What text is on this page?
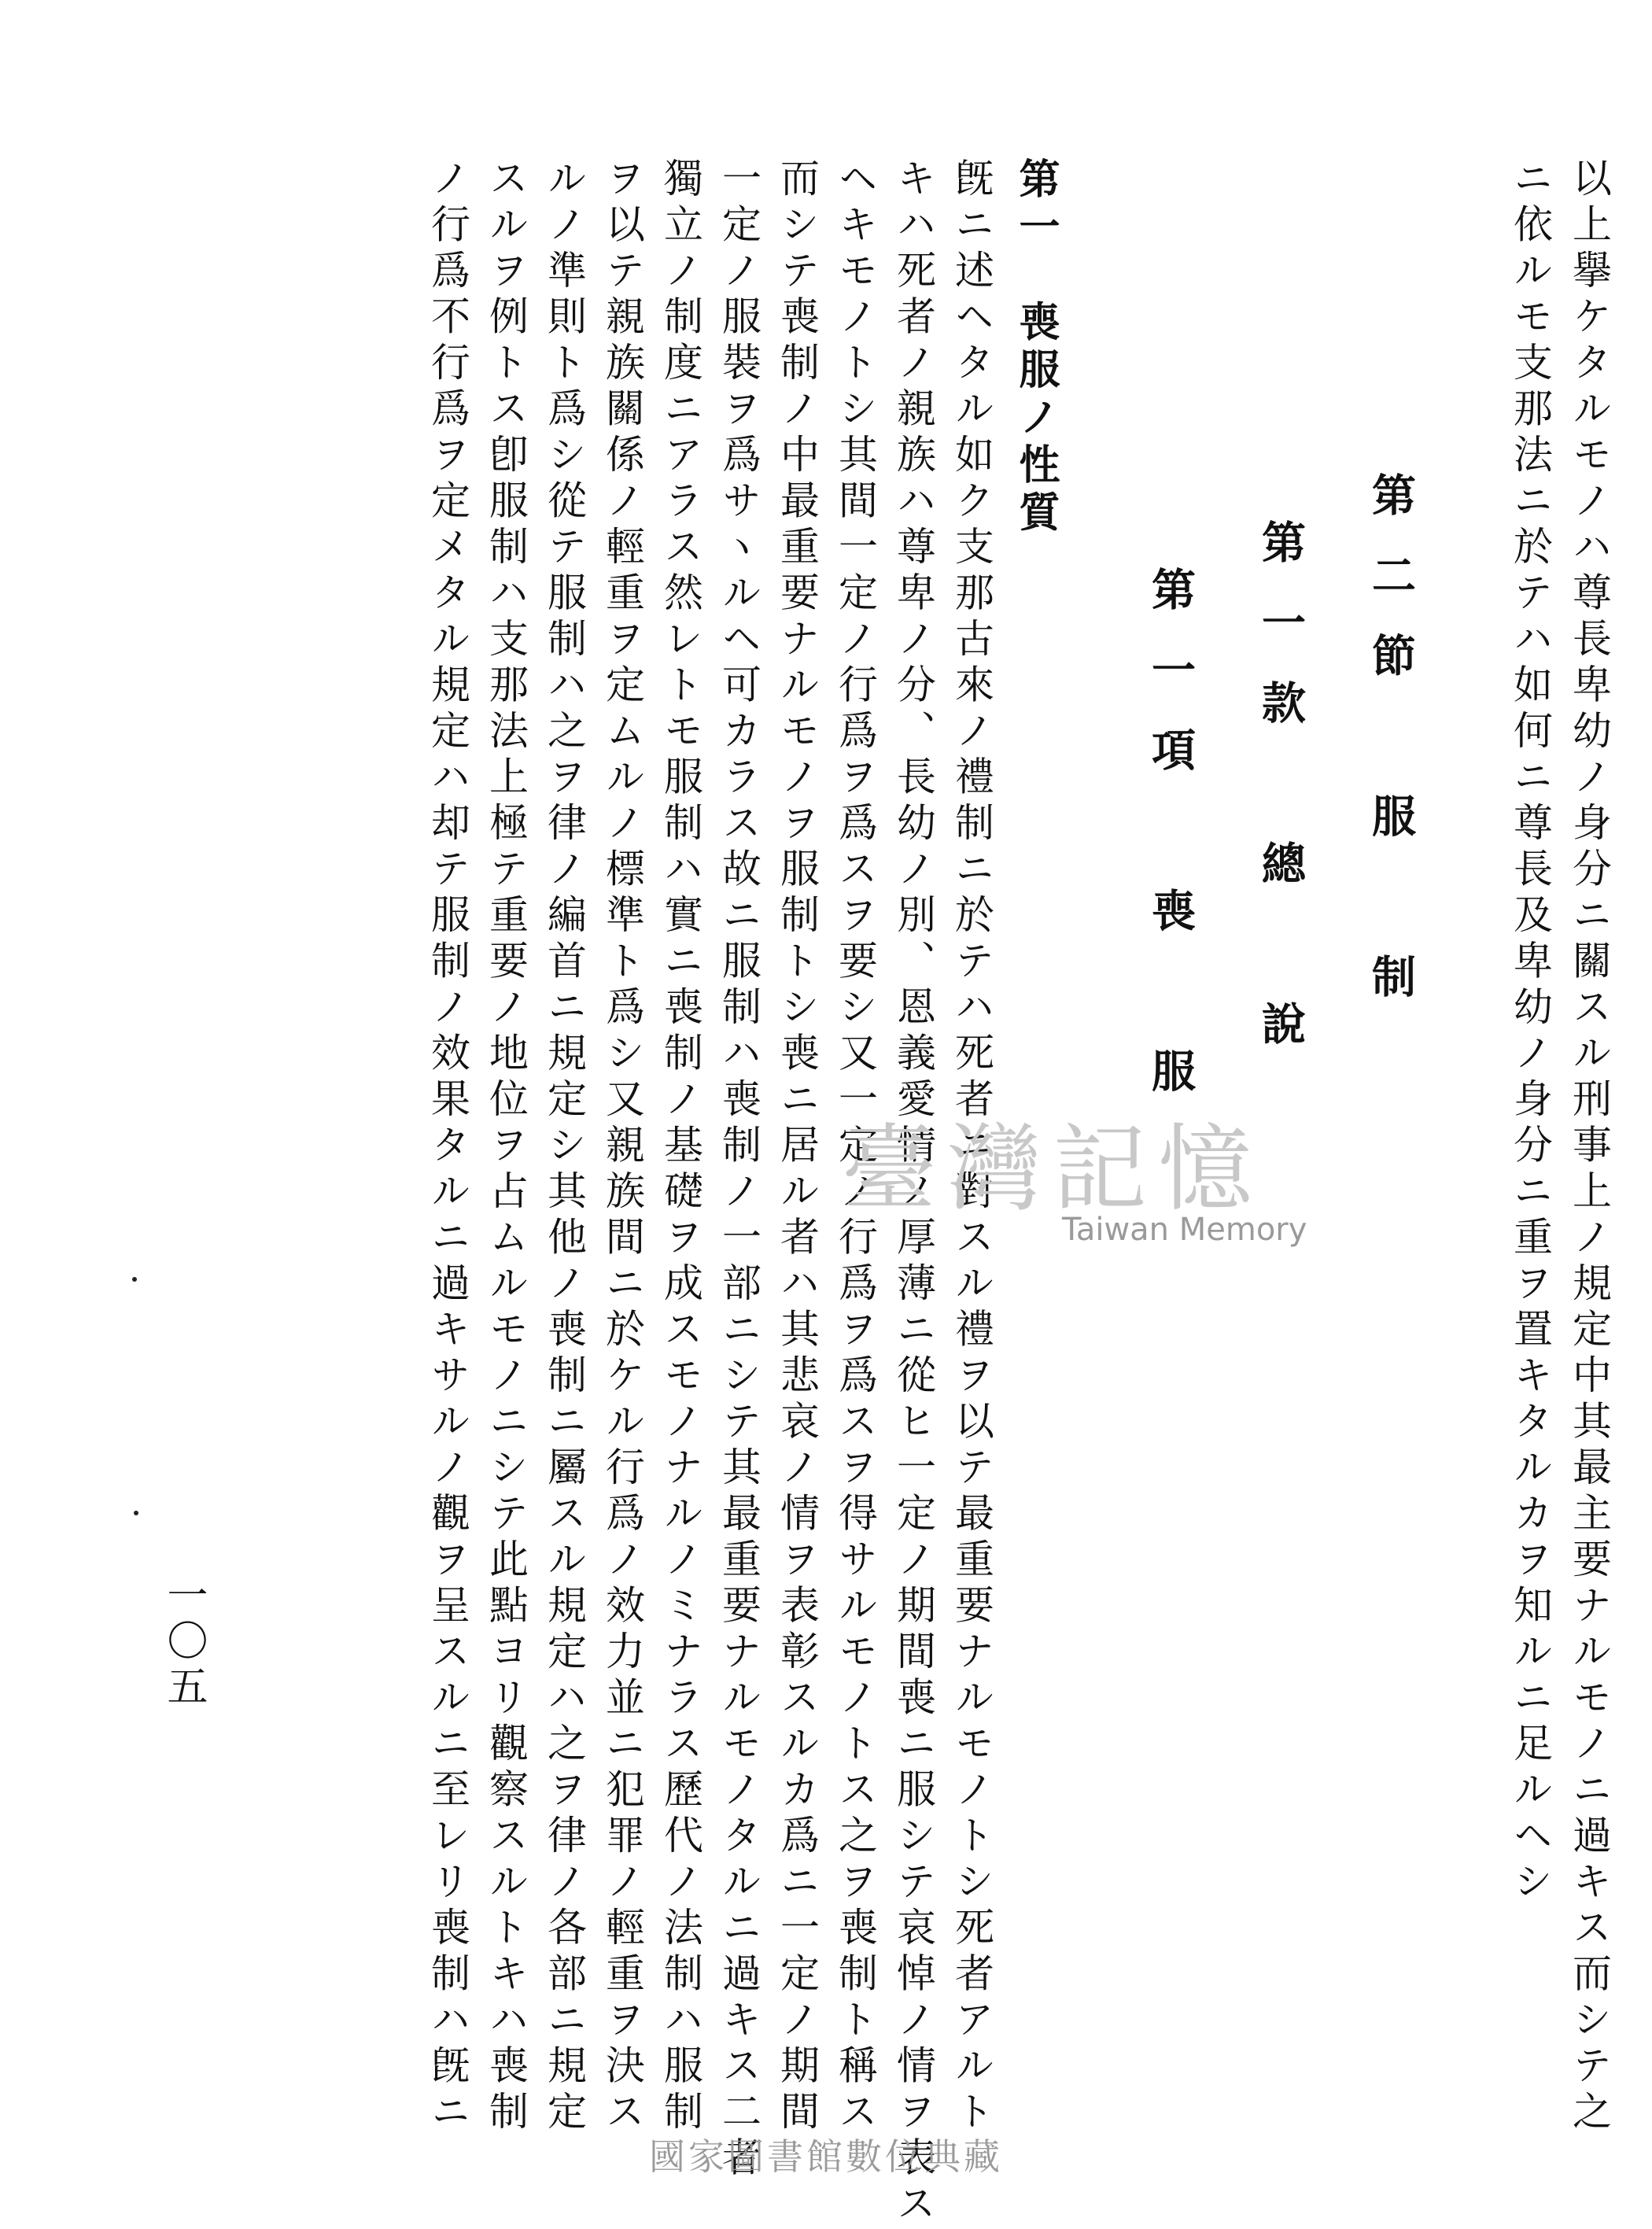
以上擧ケタルモノハ尊長卑幼ノ身分ニ關スル刑事上ノ規定中其最主要ナルモノニ過キス而シテ之
ニ依ルモ支那法ニ於テハ如何ニ尊長及卑幼ノ身分ニ重ヲ置キタルカヲ知ルニ足ルヘシ
第二節　服　制
第一款　總　說
第一項　喪　服
第一　喪服ノ性質
旣ニ述ヘタル如ク支那古來ノ禮制ニ於テハ死者ニ對スル禮ヲ以テ最重要ナルモノトシ死者アルト
キハ死者ノ親族ハ尊卑ノ分、長幼ノ別、恩義愛情ノ厚薄ニ從ヒ一定ノ期間喪ニ服シテ哀悼ノ情ヲ表ス
ヘキモノトシ其間一定ノ行爲ヲ爲スヲ要シ又一定ノ行爲ヲ爲スヲ得サルモノトス之ヲ喪制ト稱ス
而シテ喪制ノ中最重要ナルモノヲ服制トシ喪ニ居ル者ハ其悲哀ノ情ヲ表彰スルカ爲ニ一定ノ期間
一定ノ服裝ヲ爲サヽルヘ可カラス故ニ服制ハ喪制ノ一部ニシテ其最重要ナルモノタルニ過キス二者
獨立ノ制度ニアラス然レトモ服制ハ實ニ喪制ノ基礎ヲ成スモノナルノミナラス歷代ノ法制ハ服制
ヲ以テ親族關係ノ輕重ヲ定ムルノ標準ト爲シ又親族間ニ於ケル行爲ノ效力並ニ犯罪ノ輕重ヲ決ス
ルノ準則ト爲シ從テ服制ハ之ヲ律ノ編首ニ規定シ其他ノ喪制ニ屬スル規定ハ之ヲ律ノ各部ニ規定
スルヲ例トス卽服制ハ支那法上極テ重要ノ地位ヲ占ムルモノニシテ此點ヨリ觀察スルトキハ喪制
ノ行爲不行爲ヲ定メタル規定ハ却テ服制ノ效果タルニ過キサルノ觀ヲ呈スルニ至レリ喪制ハ旣ニ
一〇五
臺灣記憶
Taiwan Memory
國家圖書館數位典藏
